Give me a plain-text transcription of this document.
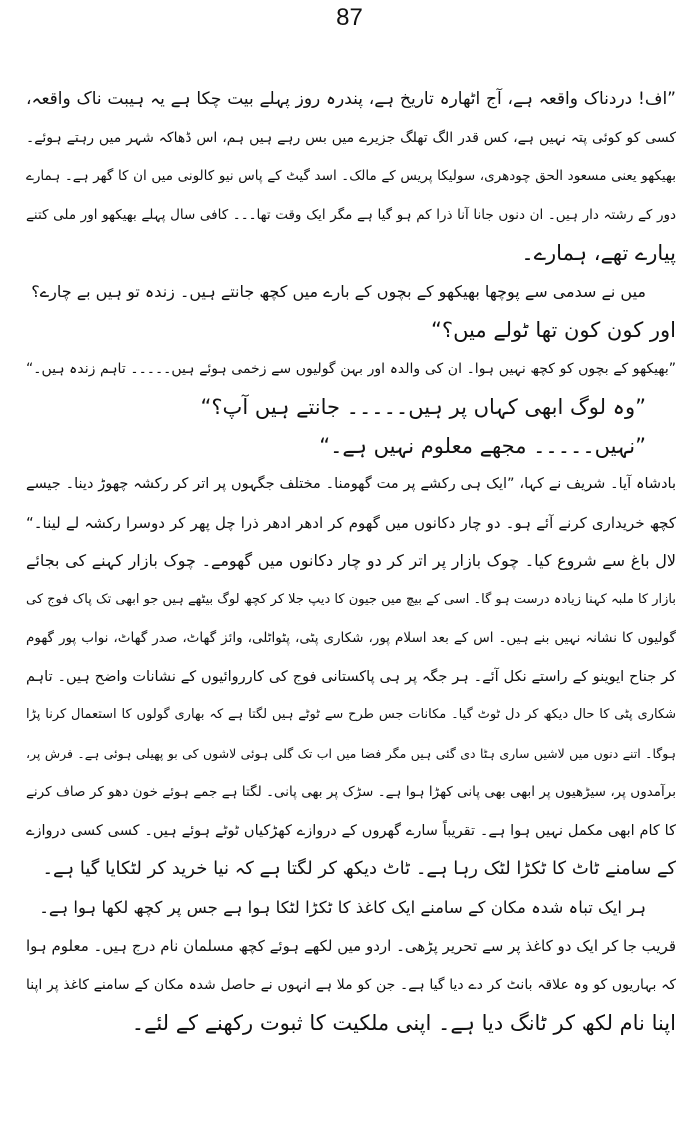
87
”اف! دردناک واقعہ ہے، آج اٹھارہ تاریخ ہے، پندرہ روز پہلے بیت چکا ہے یہ ہیبت ناک واقعہ،
کسی کو کوئی پتہ نہیں ہے، کس قدر الگ تھلگ جزیرے میں بس رہے ہیں ہم، اس ڈھاکہ شہر میں رہتے ہوئے۔
بھیکھو یعنی مسعود الحق چودھری، سولیکا پریس کے مالک۔ اسد گیٹ کے پاس نیو کالونی میں ان کا گھر ہے۔ ہمارے
دور کے رشتہ دار ہیں۔ ان دنوں جانا آنا ذرا کم ہو گیا ہے مگر ایک وقت تھا۔۔۔ کافی سال پہلے بھیکھو اور ملی کتنے
پیارے تھے، ہمارے۔
میں نے سدمی سے پوچھا بھیکھو کے بچوں کے بارے میں کچھ جانتے ہیں۔ زندہ تو ہیں بے چارے؟
اور کون کون تھا ٹولے میں؟“
”بھیکھو کے بچوں کو کچھ نہیں ہوا۔ ان کی والدہ اور بہن گولیوں سے زخمی ہوئے ہیں۔۔۔۔۔ تاہم زندہ ہیں۔“
”وہ لوگ ابھی کہاں پر ہیں۔۔۔۔۔ جانتے ہیں آپ؟“
”نہیں۔۔۔۔۔ مجھے معلوم نہیں ہے۔“
بادشاہ آیا۔ شریف نے کہا، ”ایک ہی رکشے پر مت گھومنا۔ مختلف جگہوں پر اتر کر رکشہ چھوڑ دینا۔ جیسے
کچھ خریداری کرنے آئے ہو۔ دو چار دکانوں میں گھوم کر ادھر ادھر ذرا چل پھر کر دوسرا رکشہ لے لینا۔“
لال باغ سے شروع کیا۔ چوک بازار پر اتر کر دو چار دکانوں میں گھومے۔ چوک بازار کہنے کی بجائے
بازار کا ملبہ کہنا زیادہ درست ہو گا۔ اسی کے بیچ میں جیون کا دیپ جلا کر کچھ لوگ بیٹھے ہیں جو ابھی تک پاک فوج کی
گولیوں کا نشانہ نہیں بنے ہیں۔ اس کے بعد اسلام پور، شکاری پٹی، پٹواٹلی، وائز گھاٹ، صدر گھاٹ، نواب پور گھوم
کر جناح ایوینو کے راستے نکل آئے۔ ہر جگہ پر ہی پاکستانی فوج کی کارروائیوں کے نشانات واضح ہیں۔ تاہم
شکاری پٹی کا حال دیکھ کر دل ٹوٹ گیا۔ مکانات جس طرح سے ٹوٹے ہیں لگتا ہے کہ بھاری گولوں کا استعمال کرنا پڑا
ہوگا۔ اتنے دنوں میں لاشیں ساری ہٹا دی گئی ہیں مگر فضا میں اب تک گلی ہوئی لاشوں کی بو پھیلی ہوئی ہے۔ فرش پر،
برآمدوں پر، سیڑھیوں پر ابھی بھی پانی کھڑا ہوا ہے۔ سڑک پر بھی پانی۔ لگتا ہے جمے ہوئے خون دھو کر صاف کرنے
کا کام ابھی مکمل نہیں ہوا ہے۔ تقریباً سارے گھروں کے دروازے کھڑکیاں ٹوٹے ہوئے ہیں۔ کسی کسی دروازے
کے سامنے ٹاٹ کا ٹکڑا لٹک رہا ہے۔ ٹاٹ دیکھ کر لگتا ہے کہ نیا خرید کر لٹکایا گیا ہے۔
ہر ایک تباہ شدہ مکان کے سامنے ایک کاغذ کا ٹکڑا لٹکا ہوا ہے جس پر کچھ لکھا ہوا ہے۔
قریب جا کر ایک دو کاغذ پر سے تحریر پڑھی۔ اردو میں لکھے ہوئے کچھ مسلمان نام درج ہیں۔ معلوم ہوا
کہ بہاریوں کو وہ علاقہ بانٹ کر دے دیا گیا ہے۔ جن کو ملا ہے انہوں نے حاصل شدہ مکان کے سامنے کاغذ پر اپنا
اپنا نام لکھ کر ٹانگ دیا ہے۔ اپنی ملکیت کا ثبوت رکھنے کے لئے۔
